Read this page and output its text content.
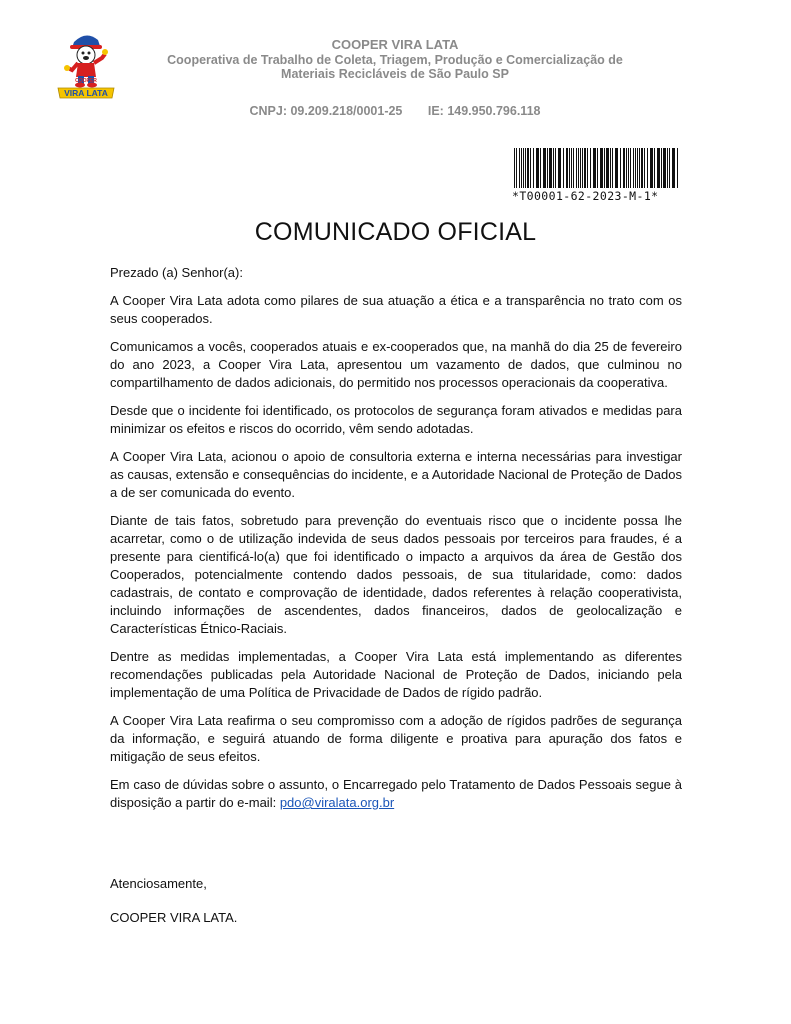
COOPER
VIRA LATA
COOPER VIRA LATA
Cooperativa de Trabalho de Coleta, Triagem, Produção e Comercialização de
Materiais Recicláveis de São Paulo SP
CNPJ: 09.209.218/0001-25 IE: 149.950.796.118
*T00001-62-2023-M-1*
COMUNICADO OFICIAL

Prezado (a) Senhor(a):

A Cooper Vira Lata adota como pilares de sua atuação a ética e a transparência no trato com os seus cooperados.

Comunicamos a vocês, cooperados atuais e ex-cooperados que, na manhã do dia 25 de fevereiro do ano 2023, a Cooper Vira Lata, apresentou um vazamento de dados, que culminou no compartilhamento de dados adicionais, do permitido nos processos operacionais da cooperativa.

Desde que o incidente foi identificado, os protocolos de segurança foram ativados e medidas para minimizar os efeitos e riscos do ocorrido, vêm sendo adotadas.

A Cooper Vira Lata, acionou o apoio de consultoria externa e interna necessárias para investigar as causas, extensão e consequências do incidente, e a Autoridade Nacional de Proteção de Dados a de ser comunicada do evento.

Diante de tais fatos, sobretudo para prevenção do eventuais risco que o incidente possa lhe acarretar, como o de utilização indevida de seus dados pessoais por terceiros para fraudes, é a presente para cientificá-lo(a) que foi identificado o impacto a arquivos da área de Gestão dos Cooperados, potencialmente contendo dados pessoais, de sua titularidade, como: dados cadastrais, de contato e comprovação de identidade, dados referentes à relação cooperativista, incluindo informações de ascendentes, dados financeiros, dados de geolocalização e Características Étnico-Raciais.

Dentre as medidas implementadas, a Cooper Vira Lata está implementando as diferentes recomendações publicadas pela Autoridade Nacional de Proteção de Dados, iniciando pela implementação de uma Política de Privacidade de Dados de rígido padrão.

A Cooper Vira Lata reafirma o seu compromisso com a adoção de rígidos padrões de segurança da informação, e seguirá atuando de forma diligente e proativa para apuração dos fatos e mitigação de seus efeitos.

Em caso de dúvidas sobre o assunto, o Encarregado pelo Tratamento de Dados Pessoais segue à disposição a partir do e-mail: pdo@viralata.org.br

Atenciosamente,

COOPER VIRA LATA.
